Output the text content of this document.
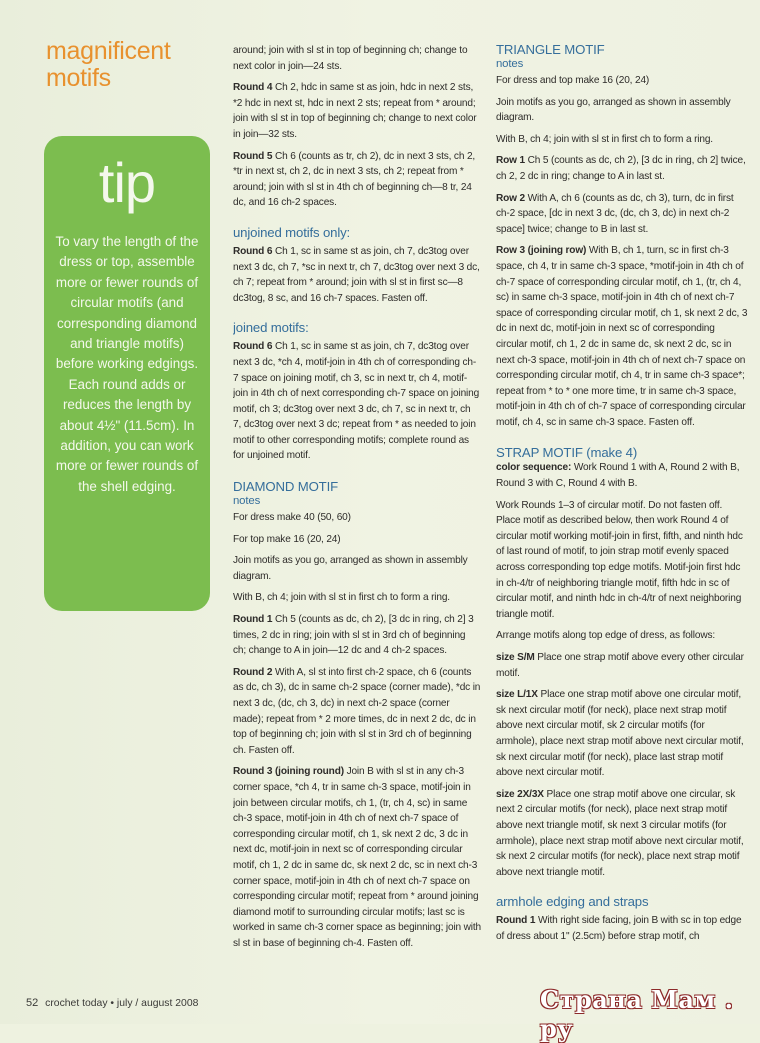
magnificent
motifs
tip
To vary the length of the dress or top, assemble more or fewer rounds of circular motifs (and corresponding diamond and triangle motifs) before working edgings. Each round adds or reduces the length by about 4½" (11.5cm). In addition, you can work more or fewer rounds of the shell edging.

around; join with sl st in top of beginning ch; change to next color in join—24 sts.

Round 4 Ch 2, hdc in same st as join, hdc in next 2 sts, *2 hdc in next st, hdc in next 2 sts; repeat from * around; join with sl st in top of beginning ch; change to next color in join—32 sts.

Round 5 Ch 6 (counts as tr, ch 2), dc in next 3 sts, ch 2, *tr in next st, ch 2, dc in next 3 sts, ch 2; repeat from * around; join with sl st in 4th ch of beginning ch—8 tr, 24 dc, and 16 ch-2 spaces.

unjoined motifs only:

Round 6 Ch 1, sc in same st as join, ch 7, dc3tog over next 3 dc, ch 7, *sc in next tr, ch 7, dc3tog over next 3 dc, ch 7; repeat from * around; join with sl st in first sc—8 dc3tog, 8 sc, and 16 ch-7 spaces. Fasten off.

joined motifs:

Round 6 Ch 1, sc in same st as join, ch 7, dc3tog over next 3 dc, *ch 4, motif-join in 4th ch of corresponding ch-7 space on joining motif, ch 3, sc in next tr, ch 4, motif-join in 4th ch of next corresponding ch-7 space on joining motif, ch 3; dc3tog over next 3 dc, ch 7, sc in next tr, ch 7, dc3tog over next 3 dc; repeat from * as needed to join motif to other corresponding motifs; complete round as for unjoined motif.

DIAMOND MOTIF
notes

For dress make 40 (50, 60)

For top make 16 (20, 24)

Join motifs as you go, arranged as shown in assembly diagram.

With B, ch 4; join with sl st in first ch to form a ring.

Round 1 Ch 5 (counts as dc, ch 2), [3 dc in ring, ch 2] 3 times, 2 dc in ring; join with sl st in 3rd ch of beginning ch; change to A in join—12 dc and 4 ch-2 spaces.

Round 2 With A, sl st into first ch-2 space, ch 6 (counts as dc, ch 3), dc in same ch-2 space (corner made), *dc in next 3 dc, (dc, ch 3, dc) in next ch-2 space (corner made); repeat from * 2 more times, dc in next 2 dc, dc in top of beginning ch; join with sl st in 3rd ch of beginning ch. Fasten off.

Round 3 (joining round) Join B with sl st in any ch-3 corner space, *ch 4, tr in same ch-3 space, motif-join in join between circular motifs, ch 1, (tr, ch 4, sc) in same ch-3 space, motif-join in 4th ch of next ch-7 space of corresponding circular motif, ch 1, sk next 2 dc, 3 dc in next dc, motif-join in next sc of corresponding circular motif, ch 1, 2 dc in same dc, sk next 2 dc, sc in next ch-3 corner space, motif-join in 4th ch of next ch-7 space on corresponding circular motif; repeat from * around joining diamond motif to surrounding circular motifs; last sc is worked in same ch-3 corner space as beginning; join with sl st in base of beginning ch-4. Fasten off.

TRIANGLE MOTIF
notes

For dress and top make 16 (20, 24)

Join motifs as you go, arranged as shown in assembly diagram.

With B, ch 4; join with sl st in first ch to form a ring.

Row 1 Ch 5 (counts as dc, ch 2), [3 dc in ring, ch 2] twice, ch 2, 2 dc in ring; change to A in last st.

Row 2 With A, ch 6 (counts as dc, ch 3), turn, dc in first ch-2 space, [dc in next 3 dc, (dc, ch 3, dc) in next ch-2 space] twice; change to B in last st.

Row 3 (joining row) With B, ch 1, turn, sc in first ch-3 space, ch 4, tr in same ch-3 space, *motif-join in 4th ch of ch-7 space of corresponding circular motif, ch 1, (tr, ch 4, sc) in same ch-3 space, motif-join in 4th ch of next ch-7 space of corresponding circular motif, ch 1, sk next 2 dc, 3 dc in next dc, motif-join in next sc of corresponding circular motif, ch 1, 2 dc in same dc, sk next 2 dc, sc in next ch-3 space, motif-join in 4th ch of next ch-7 space on corresponding circular motif, ch 4, tr in same ch-3 space*; repeat from * to * one more time, tr in same ch-3 space, motif-join in 4th ch of ch-7 space of corresponding circular motif, ch 4, sc in same ch-3 space. Fasten off.

STRAP MOTIF (make 4)

color sequence: Work Round 1 with A, Round 2 with B, Round 3 with C, Round 4 with B.

Work Rounds 1–3 of circular motif. Do not fasten off. Place motif as described below, then work Round 4 of circular motif working motif-join in first, fifth, and ninth hdc of last round of motif, to join strap motif evenly spaced across corresponding top edge motifs. Motif-join first hdc in ch-4/tr of neighboring triangle motif, fifth hdc in sc of circular motif, and ninth hdc in ch-4/tr of next neighboring triangle motif.

Arrange motifs along top edge of dress, as follows:

size S/M Place one strap motif above every other circular motif.

size L/1X Place one strap motif above one circular motif, sk next circular motif (for neck), place next strap motif above next circular motif, sk 2 circular motifs (for armhole), place next strap motif above next circular motif, sk next circular motif (for neck), place last strap motif above next circular motif.

size 2X/3X Place one strap motif above one circular, sk next 2 circular motifs (for neck), place next strap motif above next triangle motif, sk next 3 circular motifs (for armhole), place next strap motif above next circular motif, sk next 2 circular motifs (for neck), place next strap motif above next triangle motif.

armhole edging and straps

Round 1 With right side facing, join B with sc in top edge of dress about 1" (2.5cm) before strap motif, ch

52 crochet today • july / august 2008	Страна Мам . ру
